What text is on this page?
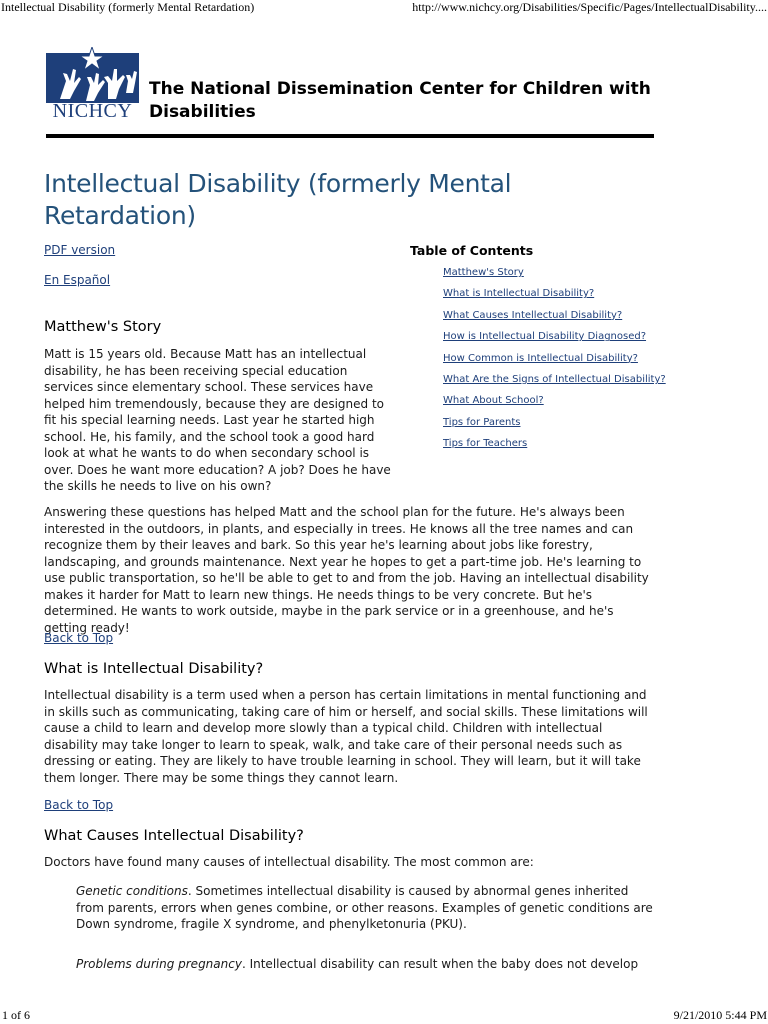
Intellectual Disability (formerly Mental Retardation)	http://www.nichcy.org/Disabilities/Specific/Pages/IntellectualDisability....
NICHCY
The National Dissemination Center for Children with Disabilities
Intellectual Disability (formerly Mental Retardation)
PDF version
En Español
Table of Contents
Matthew's Story
What is Intellectual Disability?
What Causes Intellectual Disability?
How is Intellectual Disability Diagnosed?
How Common is Intellectual Disability?
What Are the Signs of Intellectual Disability?
What About School?
Tips for Parents
Tips for Teachers
Matthew's Story
Matt is 15 years old. Because Matt has an intellectual disability, he has been receiving special education services since elementary school. These services have helped him tremendously, because they are designed to fit his special learning needs. Last year he started high school. He, his family, and the school took a good hard look at what he wants to do when secondary school is over. Does he want more education? A job? Does he have the skills he needs to live on his own?
Answering these questions has helped Matt and the school plan for the future. He's always been interested in the outdoors, in plants, and especially in trees. He knows all the tree names and can recognize them by their leaves and bark. So this year he's learning about jobs like forestry, landscaping, and grounds maintenance. Next year he hopes to get a part-time job. He's learning to use public transportation, so he'll be able to get to and from the job. Having an intellectual disability makes it harder for Matt to learn new things. He needs things to be very concrete. But he's determined. He wants to work outside, maybe in the park service or in a greenhouse, and he's getting ready!
Back to Top
What is Intellectual Disability?
Intellectual disability is a term used when a person has certain limitations in mental functioning and in skills such as communicating, taking care of him or herself, and social skills. These limitations will cause a child to learn and develop more slowly than a typical child. Children with intellectual disability may take longer to learn to speak, walk, and take care of their personal needs such as dressing or eating. They are likely to have trouble learning in school. They will learn, but it will take them longer. There may be some things they cannot learn.
Back to Top
What Causes Intellectual Disability?
Doctors have found many causes of intellectual disability. The most common are:
Genetic conditions. Sometimes intellectual disability is caused by abnormal genes inherited from parents, errors when genes combine, or other reasons. Examples of genetic conditions are Down syndrome, fragile X syndrome, and phenylketonuria (PKU).
Problems during pregnancy. Intellectual disability can result when the baby does not develop
1 of 6	9/21/2010 5:44 PM
